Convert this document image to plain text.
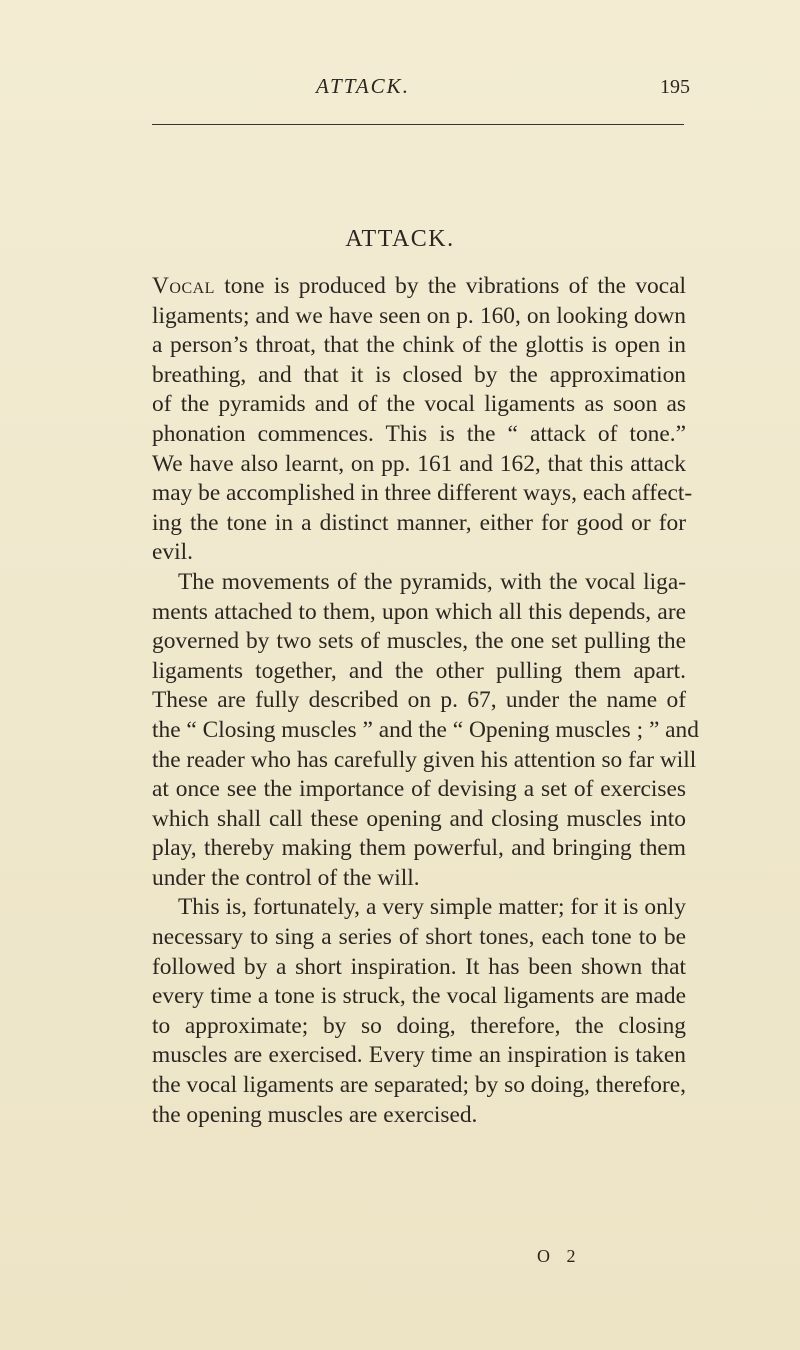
ATTACK.	195
ATTACK.
Vocal tone is produced by the vibrations of the vocal
ligaments; and we have seen on p. 160, on looking down
a person’s throat, that the chink of the glottis is open in
breathing, and that it is closed by the approximation
of the pyramids and of the vocal ligaments as soon as
phonation commences. This is the “ attack of tone.”
We have also learnt, on pp. 161 and 162, that this attack
may be accomplished in three different ways, each affect-
ing the tone in a distinct manner, either for good or for
evil.
The movements of the pyramids, with the vocal liga-
ments attached to them, upon which all this depends, are
governed by two sets of muscles, the one set pulling the
ligaments together, and the other pulling them apart.
These are fully described on p. 67, under the name of
the “ Closing muscles ” and the “ Opening muscles ; ” and
the reader who has carefully given his attention so far will
at once see the importance of devising a set of exercises
which shall call these opening and closing muscles into
play, thereby making them powerful, and bringing them
under the control of the will.
This is, fortunately, a very simple matter; for it is only
necessary to sing a series of short tones, each tone to be
followed by a short inspiration. It has been shown that
every time a tone is struck, the vocal ligaments are made
to approximate; by so doing, therefore, the closing
muscles are exercised. Every time an inspiration is taken
the vocal ligaments are separated; by so doing, therefore,
the opening muscles are exercised.
O 2
